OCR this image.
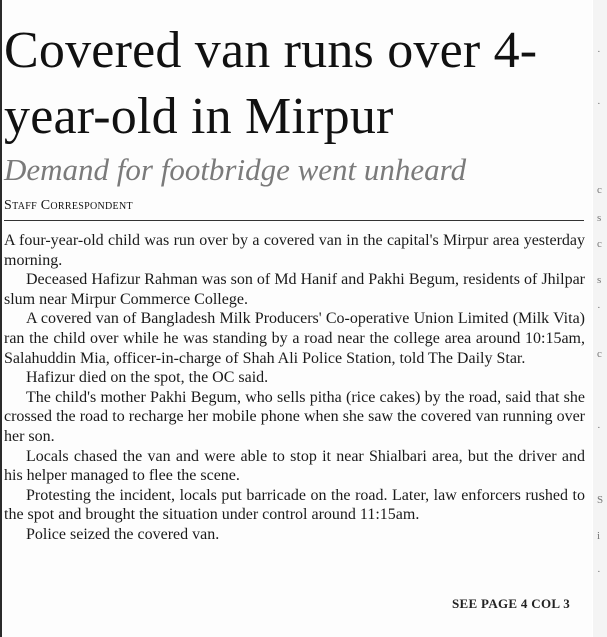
Covered van runs over 4-year-old in Mirpur
Demand for footbridge went unheard
Staff Correspondent

A four-year-old child was run over by a covered van in the capital's Mirpur area yesterday morning.

Deceased Hafizur Rahman was son of Md Hanif and Pakhi Begum, residents of Jhilpar slum near Mirpur Commerce College.

A covered van of Bangladesh Milk Producers' Co-operative Union Limited (Milk Vita) ran the child over while he was standing by a road near the college area around 10:15am, Salahuddin Mia, officer-in-charge of Shah Ali Police Station, told The Daily Star.

Hafizur died on the spot, the OC said.

The child's mother Pakhi Begum, who sells pitha (rice cakes) by the road, said that she crossed the road to recharge her mobile phone when she saw the covered van running over her son.

Locals chased the van and were able to stop it near Shialbari area, but the driver and his helper managed to flee the scene.

Protesting the incident, locals put barricade on the road. Later, law enforcers rushed to the spot and brought the situation under control around 11:15am.

Police seized the covered van.

SEE PAGE 4 COL 3
·
·
c
s
c
s
·
c
·
S
i
·
